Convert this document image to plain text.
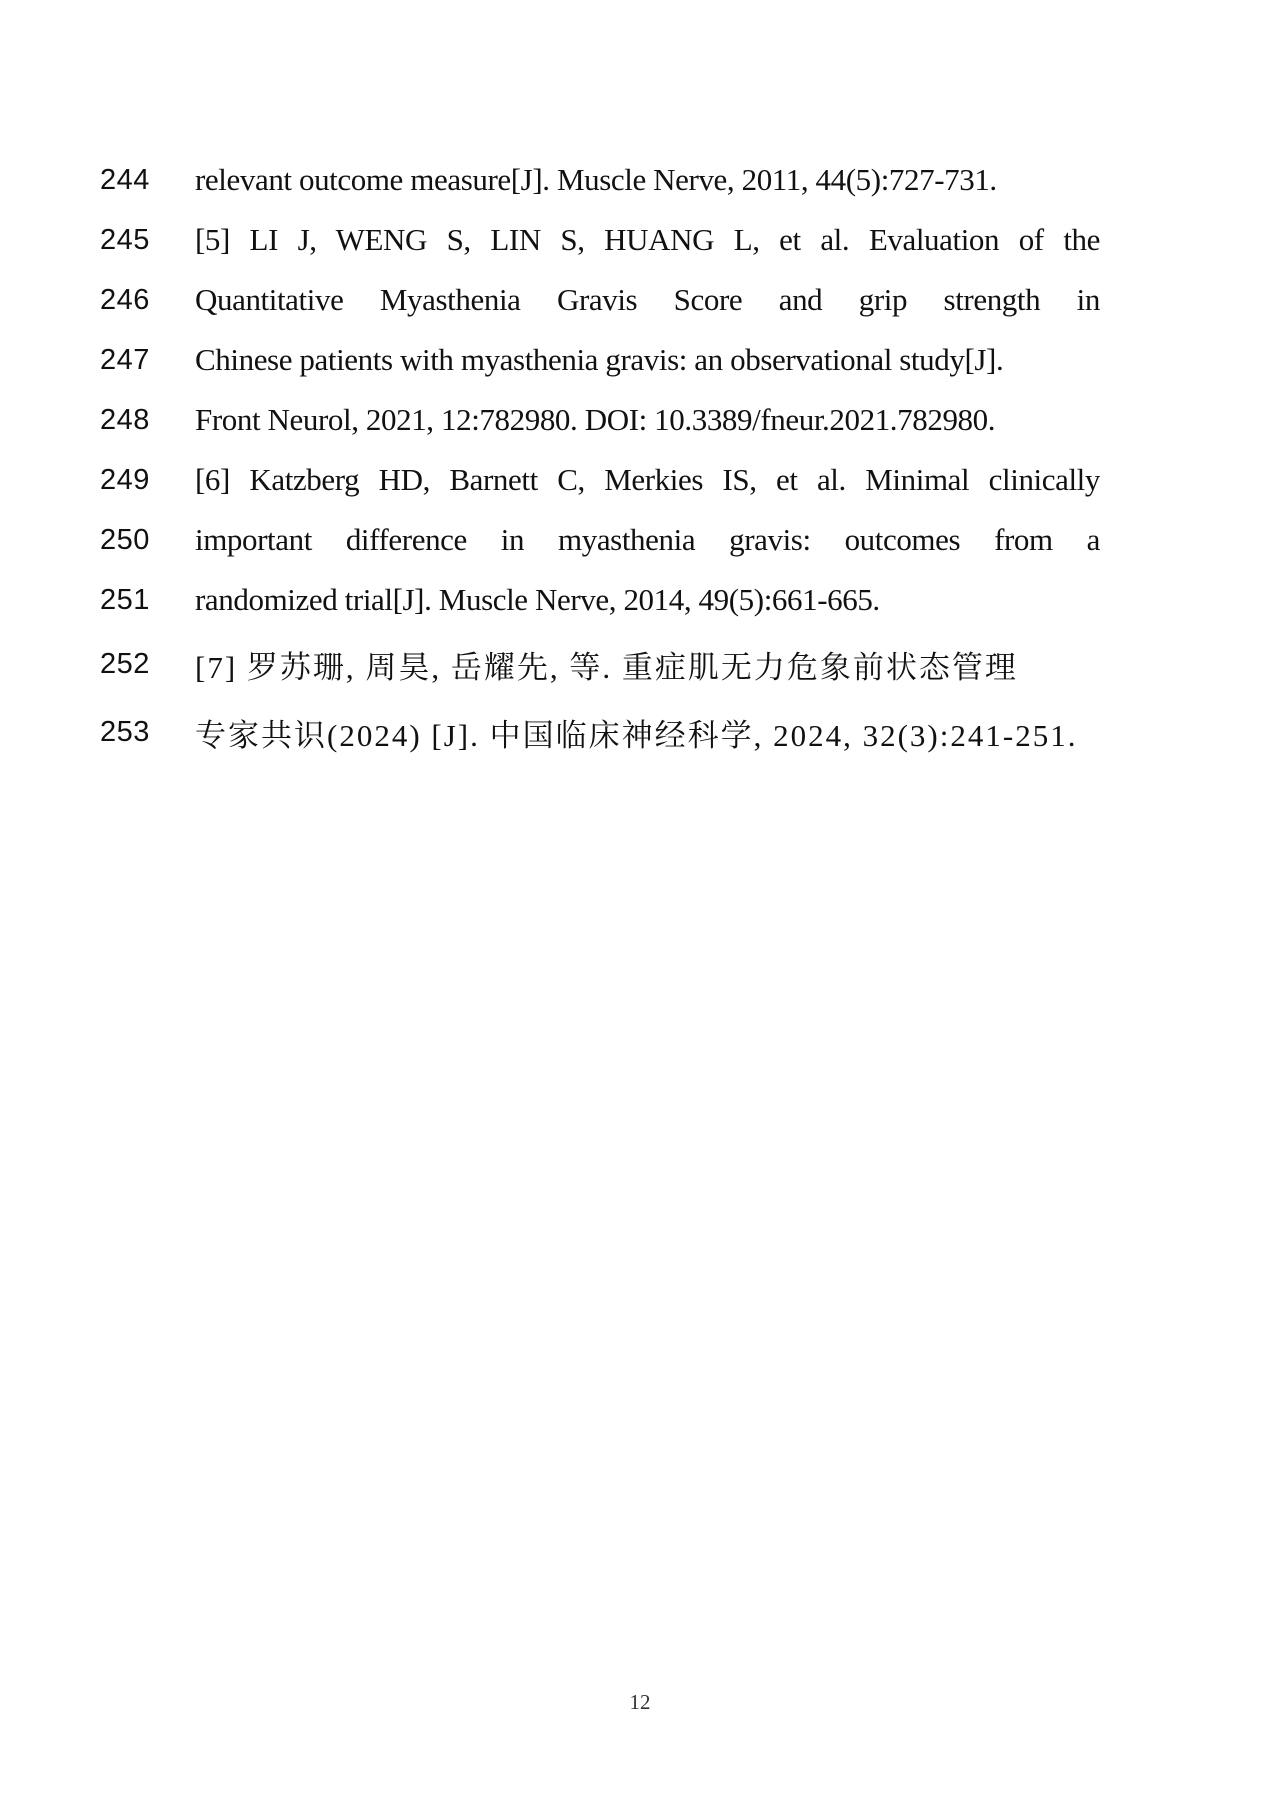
244	relevant outcome measure[J]. Muscle Nerve, 2011, 44(5):727-731.
245	[5] LI J, WENG S, LIN S, HUANG L, et al. Evaluation of the
246	Quantitative Myasthenia Gravis Score and grip strength in
247	Chinese patients with myasthenia gravis: an observational study[J].
248	Front Neurol, 2021, 12:782980. DOI: 10.3389/fneur.2021.782980.
249	[6] Katzberg HD, Barnett C, Merkies IS, et al. Minimal clinically
250	important difference in myasthenia gravis: outcomes from a
251	randomized trial[J]. Muscle Nerve, 2014, 49(5):661-665.
252	[7] 罗苏珊, 周昊, 岳耀先, 等. 重症肌无力危象前状态管理
253	专家共识(2024) [J]. 中国临床神经科学, 2024, 32(3):241-251.
12
